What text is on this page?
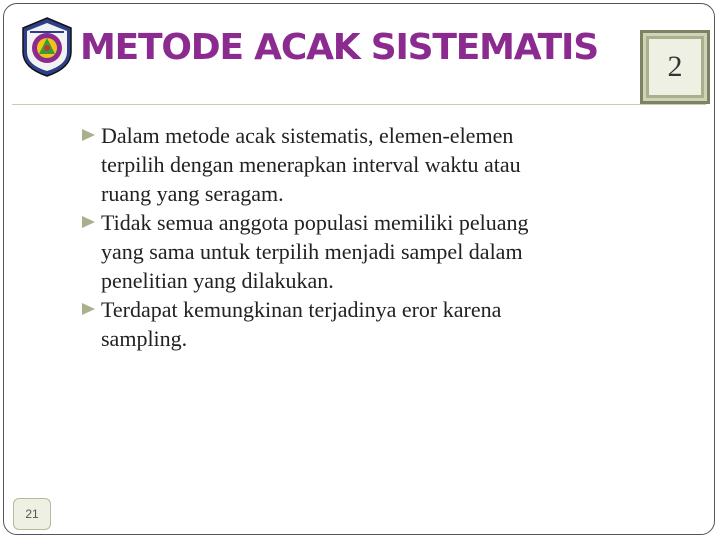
METODE ACAK SISTEMATIS	2

Dalam metode acak sistematis, elemen-elemen
terpilih dengan menerapkan interval waktu atau
ruang yang seragam.

Tidak semua anggota populasi memiliki peluang
yang sama untuk terpilih menjadi sampel dalam
penelitian yang dilakukan.

Terdapat kemungkinan terjadinya eror karena
sampling.

21
